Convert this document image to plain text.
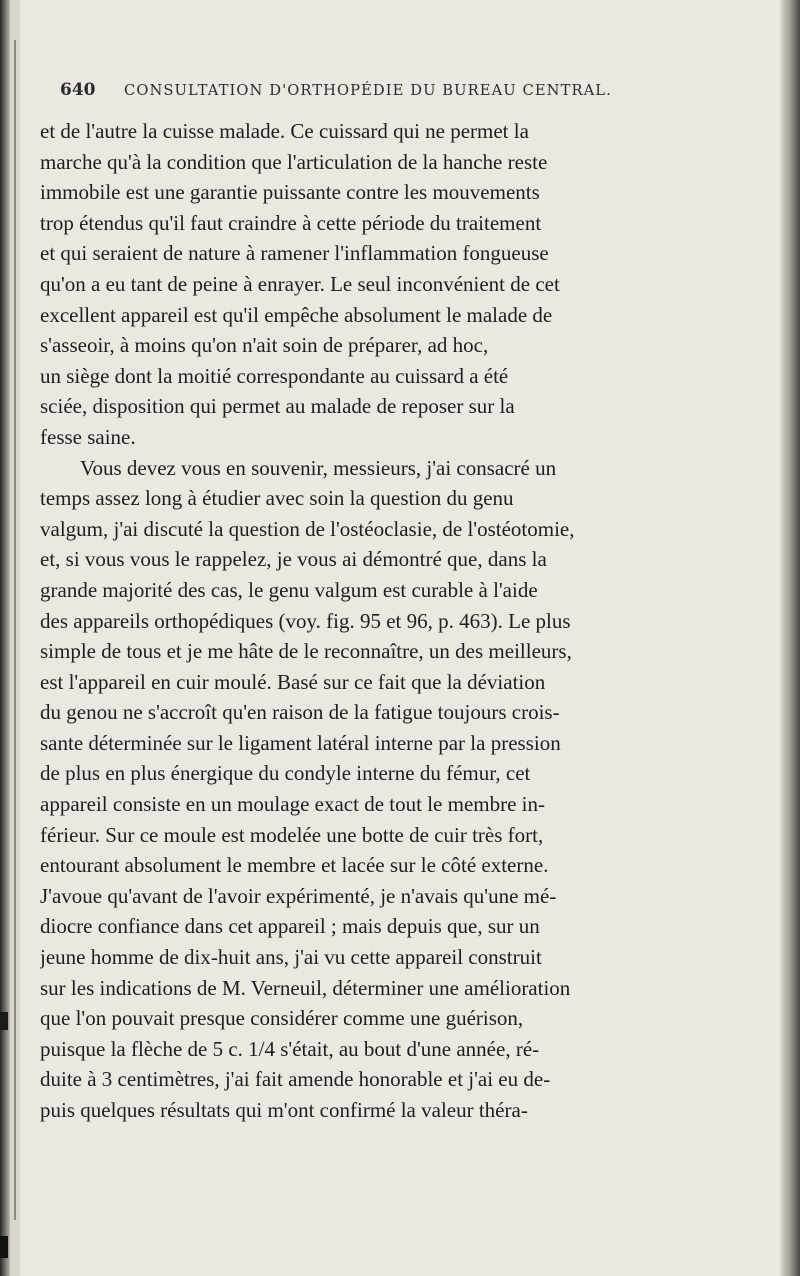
640 CONSULTATION D'ORTHOPÉDIE DU BUREAU CENTRAL.
et de l'autre la cuisse malade. Ce cuissard qui ne permet la
marche qu'à la condition que l'articulation de la hanche reste
immobile est une garantie puissante contre les mouvements
trop étendus qu'il faut craindre à cette période du traitement
et qui seraient de nature à ramener l'inflammation fongueuse
qu'on a eu tant de peine à enrayer. Le seul inconvénient de cet
excellent appareil est qu'il empêche absolument le malade de
s'asseoir, à moins qu'on n'ait soin de préparer, ad hoc,
un siège dont la moitié correspondante au cuissard a été
sciée, disposition qui permet au malade de reposer sur la
fesse saine.
Vous devez vous en souvenir, messieurs, j'ai consacré un
temps assez long à étudier avec soin la question du genu
valgum, j'ai discuté la question de l'ostéoclasie, de l'ostéotomie,
et, si vous vous le rappelez, je vous ai démontré que, dans la
grande majorité des cas, le genu valgum est curable à l'aide
des appareils orthopédiques (voy. fig. 95 et 96, p. 463). Le plus
simple de tous et je me hâte de le reconnaître, un des meilleurs,
est l'appareil en cuir moulé. Basé sur ce fait que la déviation
du genou ne s'accroît qu'en raison de la fatigue toujours crois-
sante déterminée sur le ligament latéral interne par la pression
de plus en plus énergique du condyle interne du fémur, cet
appareil consiste en un moulage exact de tout le membre in-
férieur. Sur ce moule est modelée une botte de cuir très fort,
entourant absolument le membre et lacée sur le côté externe.
J'avoue qu'avant de l'avoir expérimenté, je n'avais qu'une mé-
diocre confiance dans cet appareil ; mais depuis que, sur un
jeune homme de dix-huit ans, j'ai vu cette appareil construit
sur les indications de M. Verneuil, déterminer une amélioration
que l'on pouvait presque considérer comme une guérison,
puisque la flèche de 5 c. 1/4 s'était, au bout d'une année, ré-
duite à 3 centimètres, j'ai fait amende honorable et j'ai eu de-
puis quelques résultats qui m'ont confirmé la valeur théra-
